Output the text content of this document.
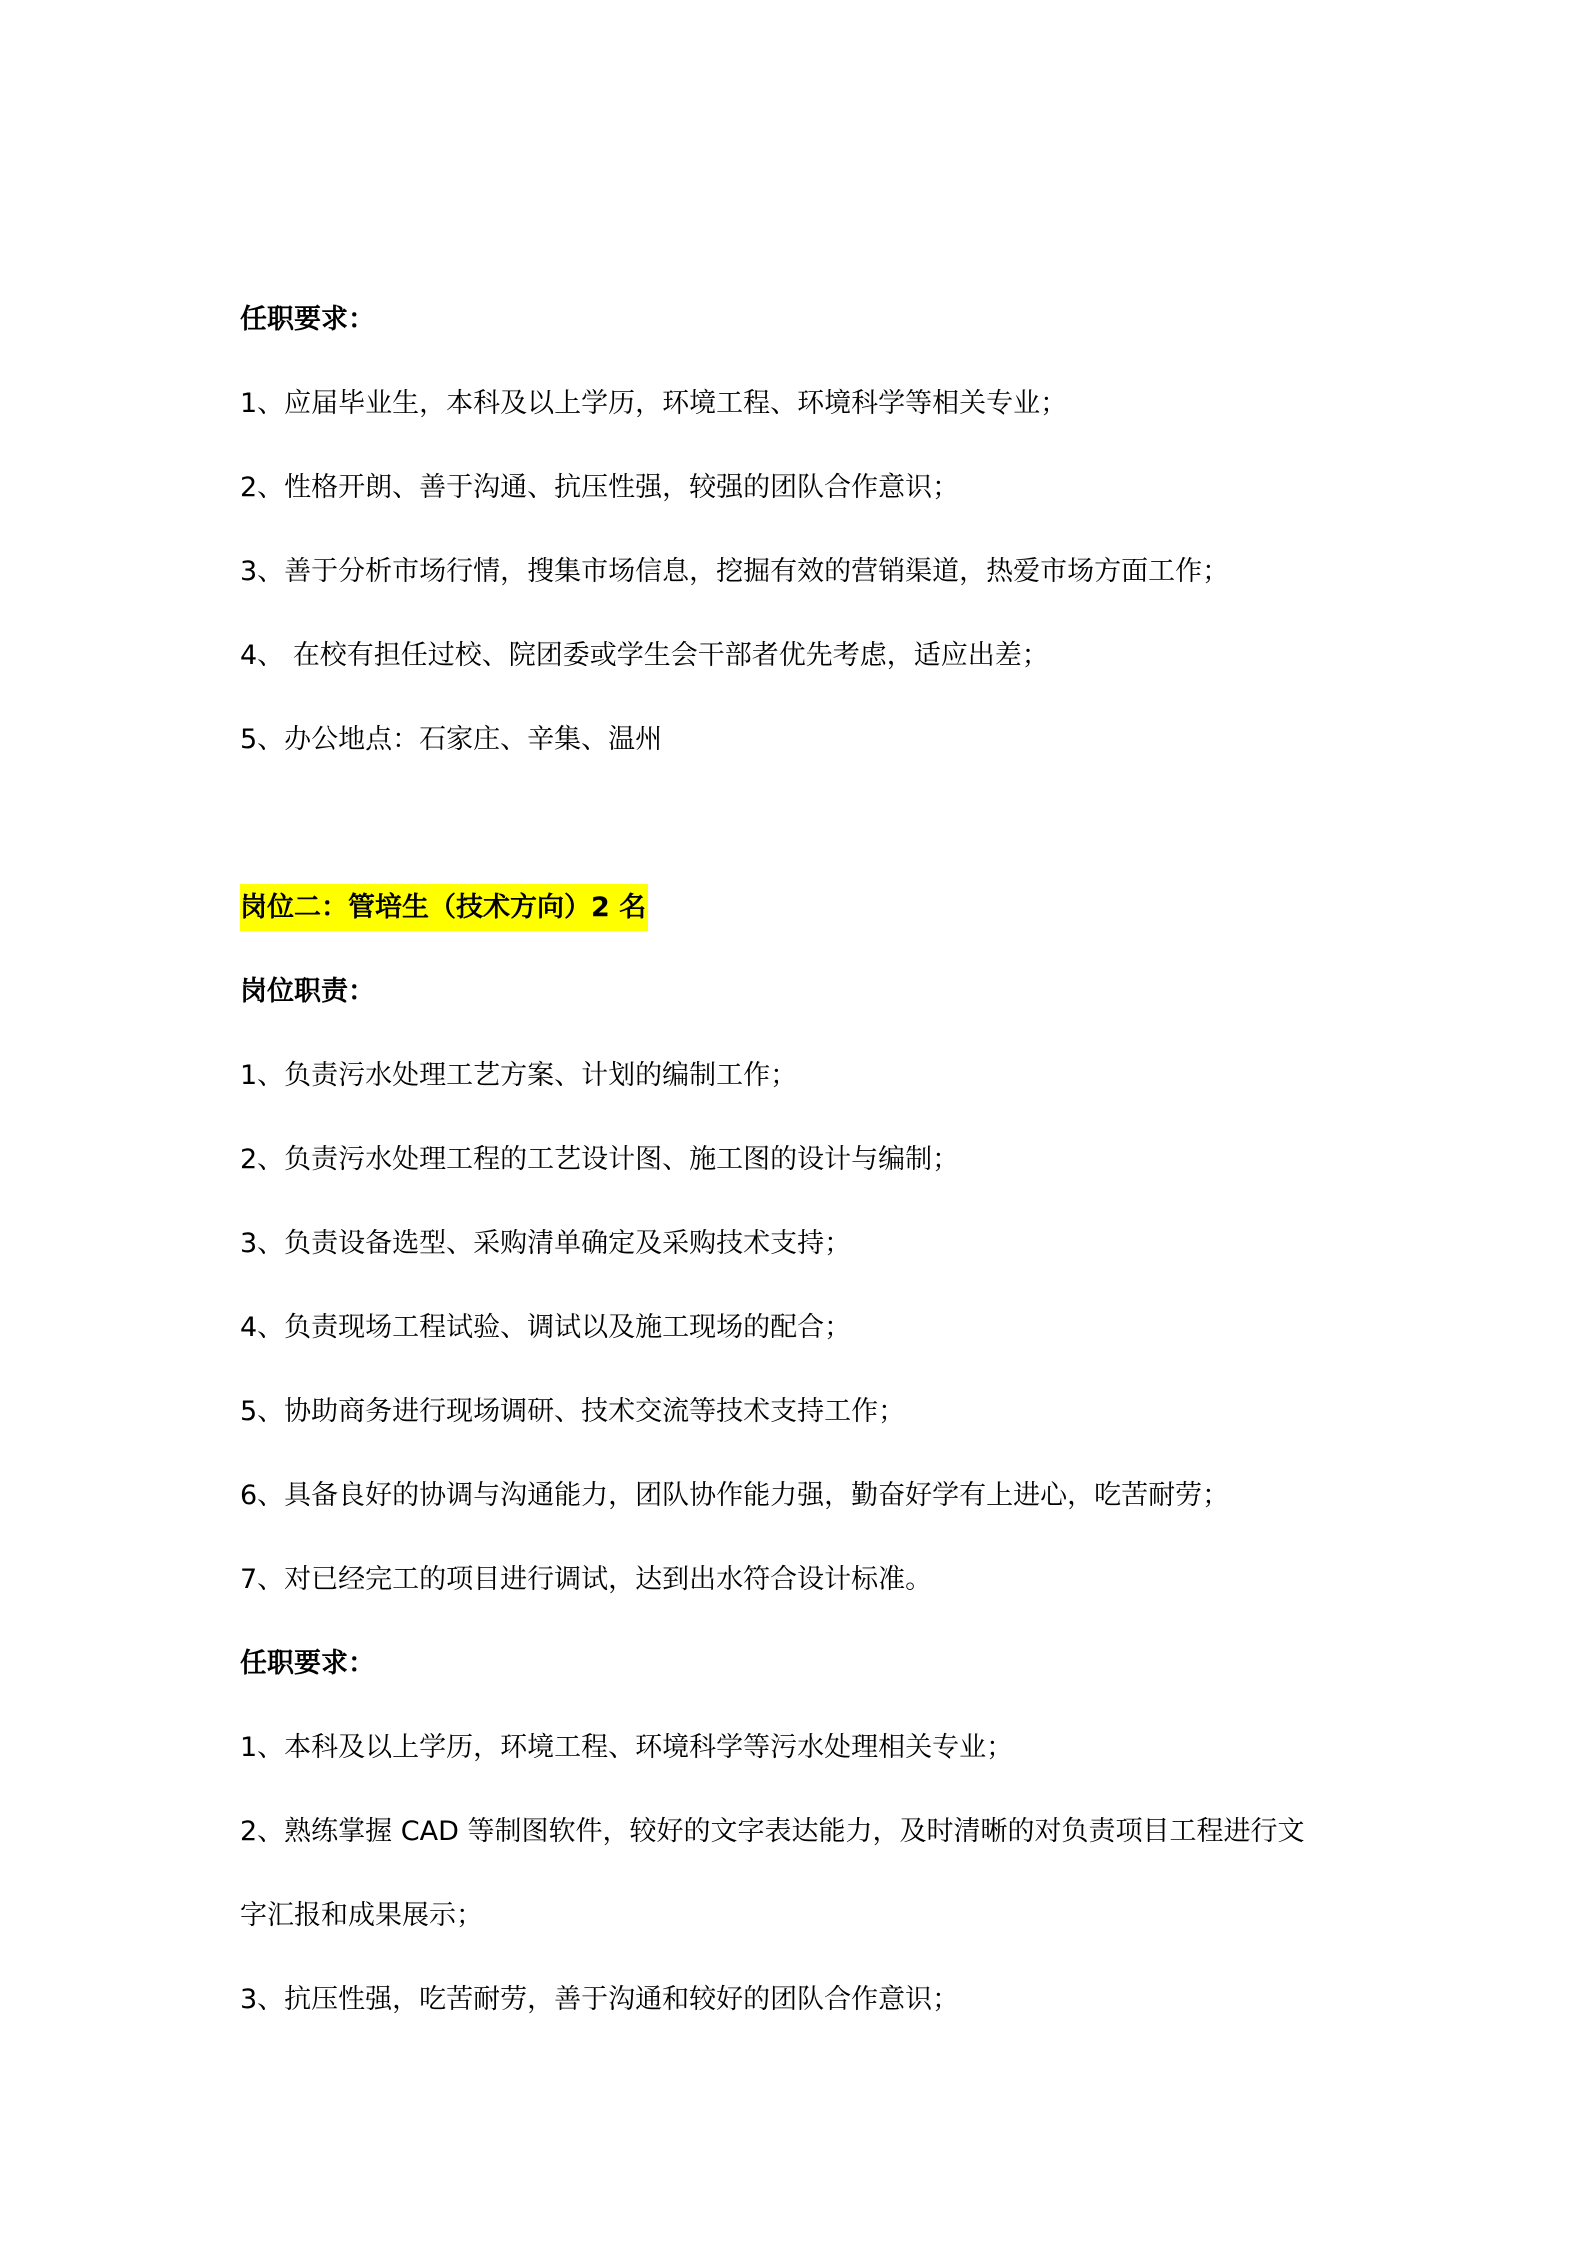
任职要求：
1、应届毕业生，本科及以上学历，环境工程、环境科学等相关专业；
2、性格开朗、善于沟通、抗压性强，较强的团队合作意识；
3、善于分析市场行情，搜集市场信息，挖掘有效的营销渠道，热爱市场方面工作；
4、 在校有担任过校、院团委或学生会干部者优先考虑，适应出差；
5、办公地点：石家庄、辛集、温州
岗位二：管培生（技术方向）2 名
岗位职责：
1、负责污水处理工艺方案、计划的编制工作；
2、负责污水处理工程的工艺设计图、施工图的设计与编制；
3、负责设备选型、采购清单确定及采购技术支持；
4、负责现场工程试验、调试以及施工现场的配合；
5、协助商务进行现场调研、技术交流等技术支持工作；
6、具备良好的协调与沟通能力，团队协作能力强，勤奋好学有上进心，吃苦耐劳；
7、对已经完工的项目进行调试，达到出水符合设计标准。
任职要求：
1、本科及以上学历，环境工程、环境科学等污水处理相关专业；
2、熟练掌握 CAD 等制图软件，较好的文字表达能力，及时清晰的对负责项目工程进行文
字汇报和成果展示；
3、抗压性强，吃苦耐劳，善于沟通和较好的团队合作意识；
